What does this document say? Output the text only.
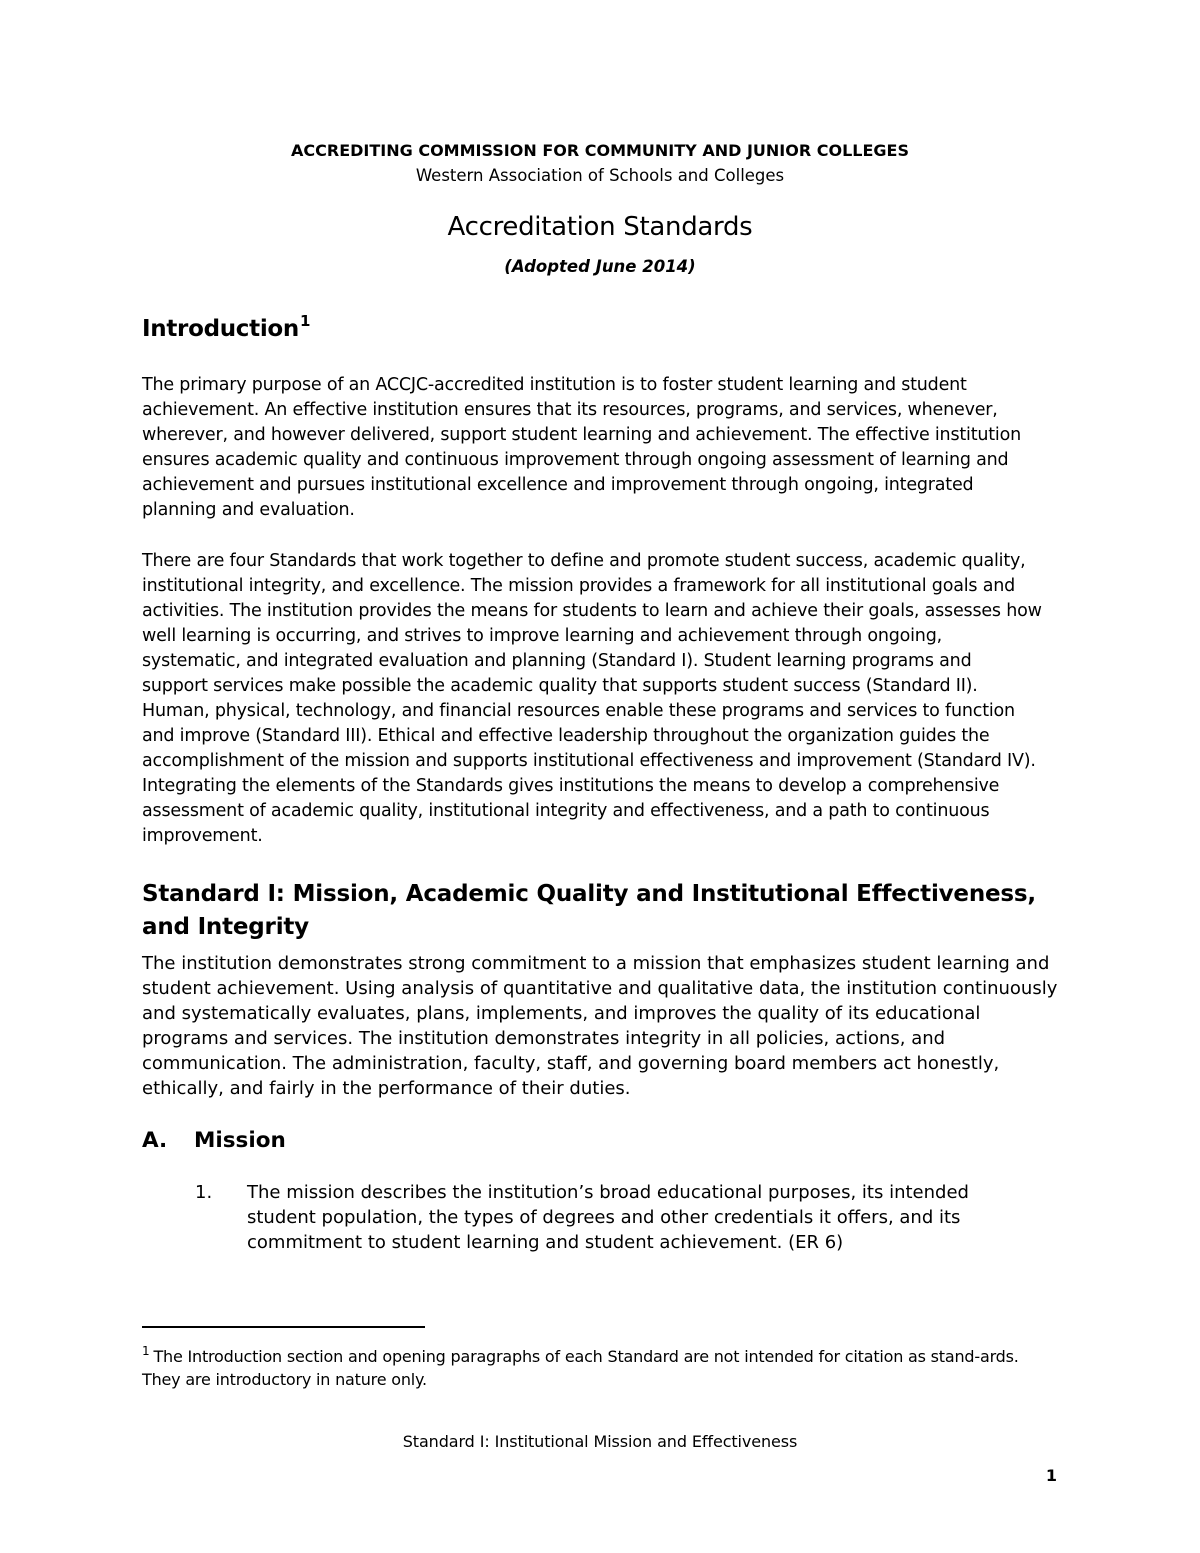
ACCREDITING COMMISSION FOR COMMUNITY AND JUNIOR COLLEGES
Western Association of Schools and Colleges
Accreditation Standards
(Adopted June 2014)
Introduction$^1$

The primary purpose of an ACCJC-accredited institution is to foster student learning and student achievement. An effective institution ensures that its resources, programs, and services, whenever, wherever, and however delivered, support student learning and achievement. The effective institution ensures academic quality and continuous improvement through ongoing assessment of learning and achievement and pursues institutional excellence and improvement through ongoing, integrated planning and evaluation.

There are four Standards that work together to define and promote student success, academic quality, institutional integrity, and excellence. The mission provides a framework for all institutional goals and activities. The institution provides the means for students to learn and achieve their goals, assesses how well learning is occurring, and strives to improve learning and achievement through ongoing, systematic, and integrated evaluation and planning (Standard I). Student learning programs and support services make possible the academic quality that supports student success (Standard II). Human, physical, technology, and financial resources enable these programs and services to function and improve (Standard III). Ethical and effective leadership throughout the organization guides the accomplishment of the mission and supports institutional effectiveness and improvement (Standard IV). Integrating the elements of the Standards gives institutions the means to develop a comprehensive assessment of academic quality, institutional integrity and effectiveness, and a path to continuous improvement.

Standard I: Mission, Academic Quality and Institutional Effectiveness, and Integrity

The institution demonstrates strong commitment to a mission that emphasizes student learning and student achievement. Using analysis of quantitative and qualitative data, the institution continuously and systematically evaluates, plans, implements, and improves the quality of its educational programs and services. The institution demonstrates integrity in all policies, actions, and communication. The administration, faculty, staff, and governing board members act honestly, ethically, and fairly in the performance of their duties.

A. Mission
1. The mission describes the institution’s broad educational purposes, its intended student population, the types of degrees and other credentials it offers, and its commitment to student learning and student achievement. (ER 6)
$^1$ The Introduction section and opening paragraphs of each Standard are not intended for citation as stand-ards. They are introductory in nature only.
Standard I: Institutional Mission and Effectiveness
1
